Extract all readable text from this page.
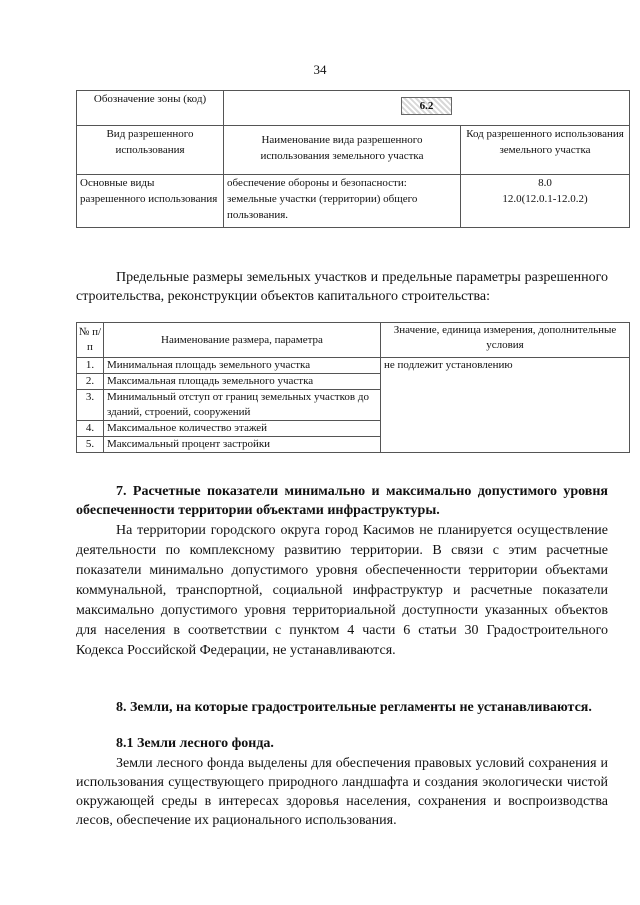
34
Обозначение зоны (код)	6.2	
Вид разрешенного использования	Наименование вида разрешенного использования земельного участка	Код разрешенного использования земельного участка
Основные виды разрешенного использования	обеспечение обороны и безопасности: земельные участки (территории) общего пользования.	8.0
12.0(12.0.1-12.0.2)
Предельные размеры земельных участков и предельные параметры разрешенного строительства, реконструкции объектов капитального строительства:
№ п/п	Наименование размера, параметра	Значение, единица измерения, дополнительные условия
1.	Минимальная площадь земельного участка	не подлежит установлению
2.	Максимальная площадь земельного участка	
3.	Минимальный отступ от границ земельных участков до зданий, строений, сооружений	
4.	Максимальное количество этажей	
5.	Максимальный процент застройки	
7. Расчетные показатели минимально и максимально допустимого уровня обеспеченности территории объектами инфраструктуры.
На территории городского округа город Касимов не планируется осуществление деятельности по комплексному развитию территории. В связи с этим расчетные показатели минимально допустимого уровня обеспеченности территории объектами коммунальной, транспортной, социальной инфраструктур и расчетные показатели максимально допустимого уровня территориальной доступности указанных объектов для населения в соответствии с пунктом 4 части 6 статьи 30 Градостроительного Кодекса Российской Федерации, не устанавливаются.
8. Земли, на которые градостроительные регламенты не устанавливаются.
8.1 Земли лесного фонда.
Земли лесного фонда выделены для обеспечения правовых условий сохранения и использования существующего природного ландшафта и создания экологически чистой окружающей среды в интересах здоровья населения, сохранения и воспроизводства лесов, обеспечение их рационального использования.
